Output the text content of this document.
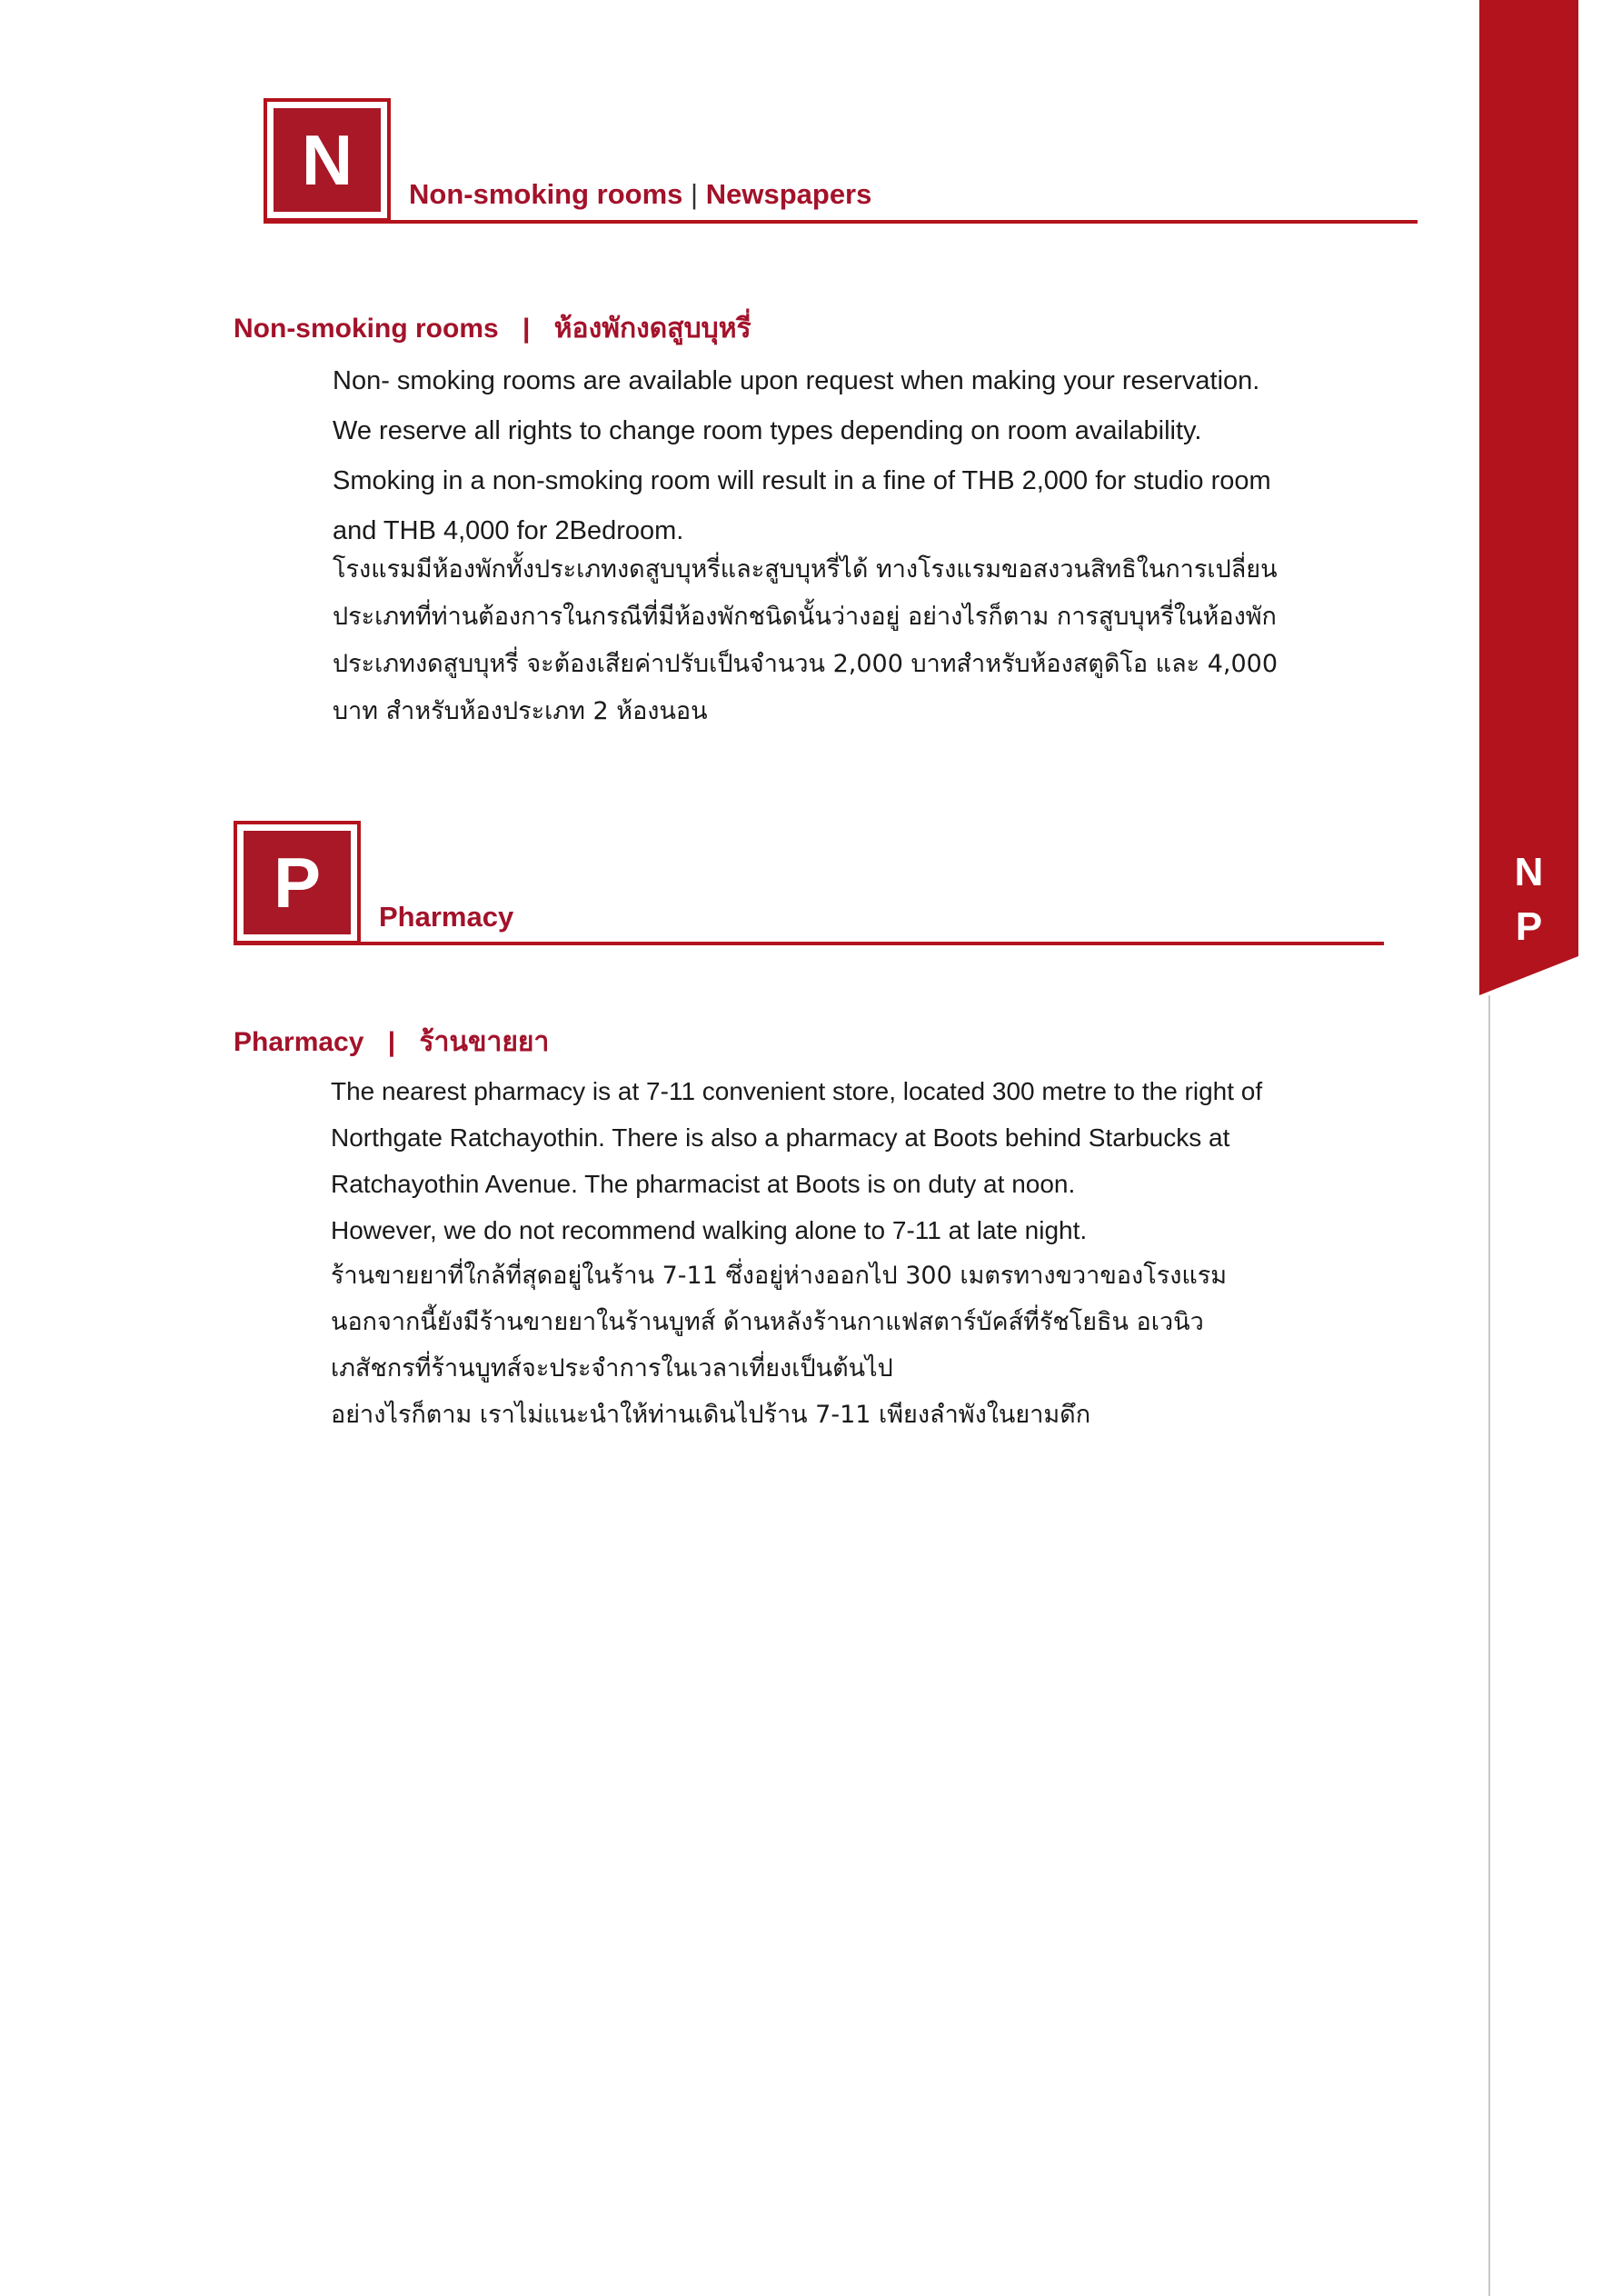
N
P
N	Non-smoking rooms | Newspapers
Non-smoking rooms | ห้องพักงดสูบบุหรี่

Non- smoking rooms are available upon request when making your reservation.

We reserve all rights to change room types depending on room availability.

Smoking in a non-smoking room will result in a fine of THB 2,000 for studio room

and THB 4,000 for 2Bedroom.

โรงแรมมีห้องพักทั้งประเภทงดสูบบุหรี่และสูบบุหรี่ได้ ทางโรงแรมขอสงวนสิทธิในการเปลี่ยน

ประเภทที่ท่านต้องการในกรณีที่มีห้องพักชนิดนั้นว่างอยู่ อย่างไรก็ตาม การสูบบุหรี่ในห้องพัก

ประเภทงดสูบบุหรี่ จะต้องเสียค่าปรับเป็นจำนวน 2,000 บาทสำหรับห้องสตูดิโอ และ 4,000

บาท สำหรับห้องประเภท 2 ห้องนอน

P	Pharmacy
Pharmacy | ร้านขายยา

The nearest pharmacy is at 7-11 convenient store, located 300 metre to the right of

Northgate Ratchayothin. There is also a pharmacy at Boots behind Starbucks at

Ratchayothin Avenue. The pharmacist at Boots is on duty at noon.

However, we do not recommend walking alone to 7-11 at late night.

ร้านขายยาที่ใกล้ที่สุดอยู่ในร้าน 7-11 ซึ่งอยู่ห่างออกไป 300 เมตรทางขวาของโรงแรม

นอกจากนี้ยังมีร้านขายยาในร้านบูทส์ ด้านหลังร้านกาแฟสตาร์บัคส์ที่รัชโยธิน อเวนิว

เภสัชกรที่ร้านบูทส์จะประจำการในเวลาเที่ยงเป็นต้นไป

อย่างไรก็ตาม เราไม่แนะนำให้ท่านเดินไปร้าน 7-11 เพียงลำพังในยามดึก
